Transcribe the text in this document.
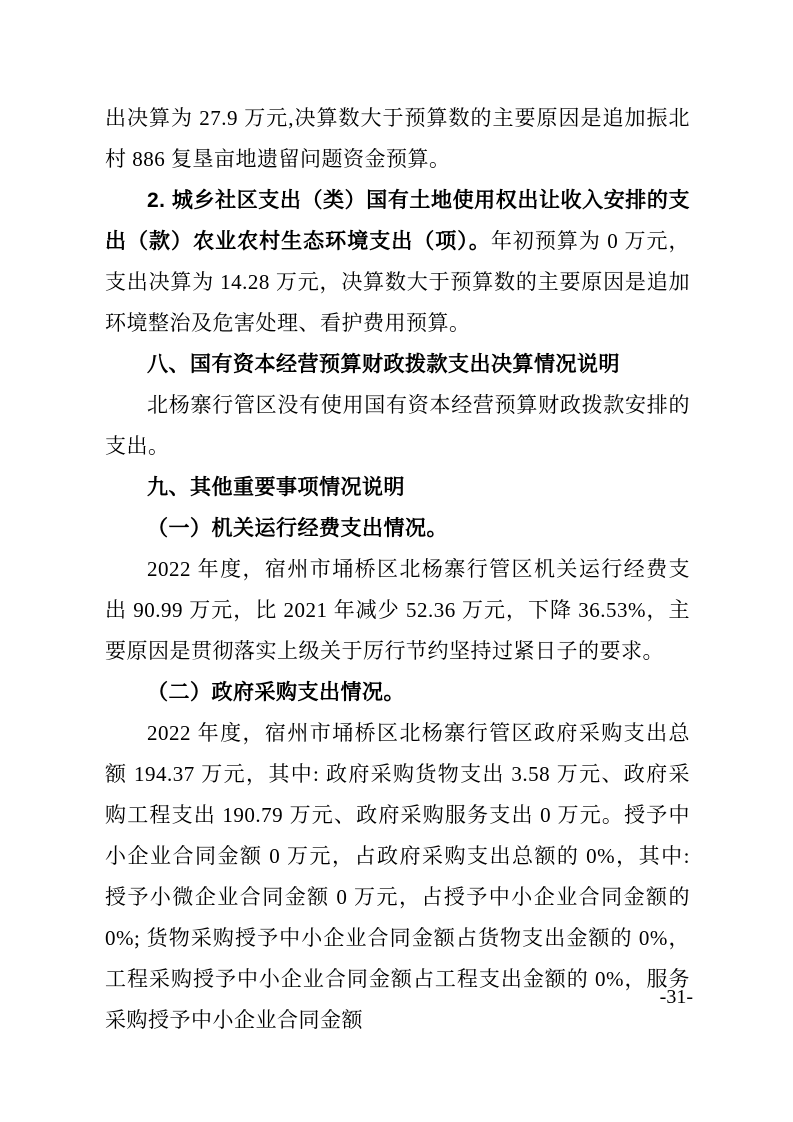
出决算为 27.9 万元,决算数大于预算数的主要原因是追加振北村 886 复垦亩地遗留问题资金预算。

2. 城乡社区支出（类）国有土地使用权出让收入安排的支出（款）农业农村生态环境支出（项）。年初预算为 0 万元，支出决算为 14.28 万元，决算数大于预算数的主要原因是追加环境整治及危害处理、看护费用预算。

八、国有资本经营预算财政拨款支出决算情况说明

北杨寨行管区没有使用国有资本经营预算财政拨款安排的支出。

九、其他重要事项情况说明

（一）机关运行经费支出情况。

2022 年度，宿州市埇桥区北杨寨行管区机关运行经费支出 90.99 万元，比 2021 年减少 52.36 万元，下降 36.53%，主要原因是贯彻落实上级关于厉行节约坚持过紧日子的要求。

（二）政府采购支出情况。

2022 年度，宿州市埇桥区北杨寨行管区政府采购支出总额 194.37 万元，其中: 政府采购货物支出 3.58 万元、政府采购工程支出 190.79 万元、政府采购服务支出 0 万元。授予中小企业合同金额 0 万元，占政府采购支出总额的 0%，其中: 授予小微企业合同金额 0 万元，占授予中小企业合同金额的 0%; 货物采购授予中小企业合同金额占货物支出金额的 0%，工程采购授予中小企业合同金额占工程支出金额的 0%，服务采购授予中小企业合同金额

-31-
